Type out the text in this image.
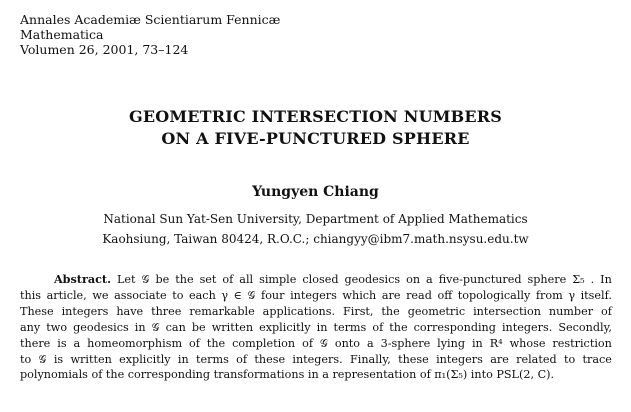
Annales Academiæ Scientiarum Fennicæ
Mathematica
Volumen 26, 2001, 73–124
GEOMETRIC INTERSECTION NUMBERS
ON A FIVE-PUNCTURED SPHERE
Yungyen Chiang
National Sun Yat-Sen University, Department of Applied Mathematics
Kaohsiung, Taiwan 80424, R.O.C.; chiangyy@ibm7.math.nsysu.edu.tw
Abstract. Let 𝒢 be the set of all simple closed geodesics on a five-punctured sphere Σ₅ . In
this article, we associate to each γ ∈ 𝒢 four integers which are read off topologically from γ itself.
These integers have three remarkable applications. First, the geometric intersection number of
any two geodesics in 𝒢 can be written explicitly in terms of the corresponding integers. Secondly,
there is a homeomorphism of the completion of 𝒢 onto a 3-sphere lying in R⁴ whose restriction
to 𝒢 is written explicitly in terms of these integers. Finally, these integers are related to trace
polynomials of the corresponding transformations in a representation of π₁(Σ₅) into PSL(2, C).
